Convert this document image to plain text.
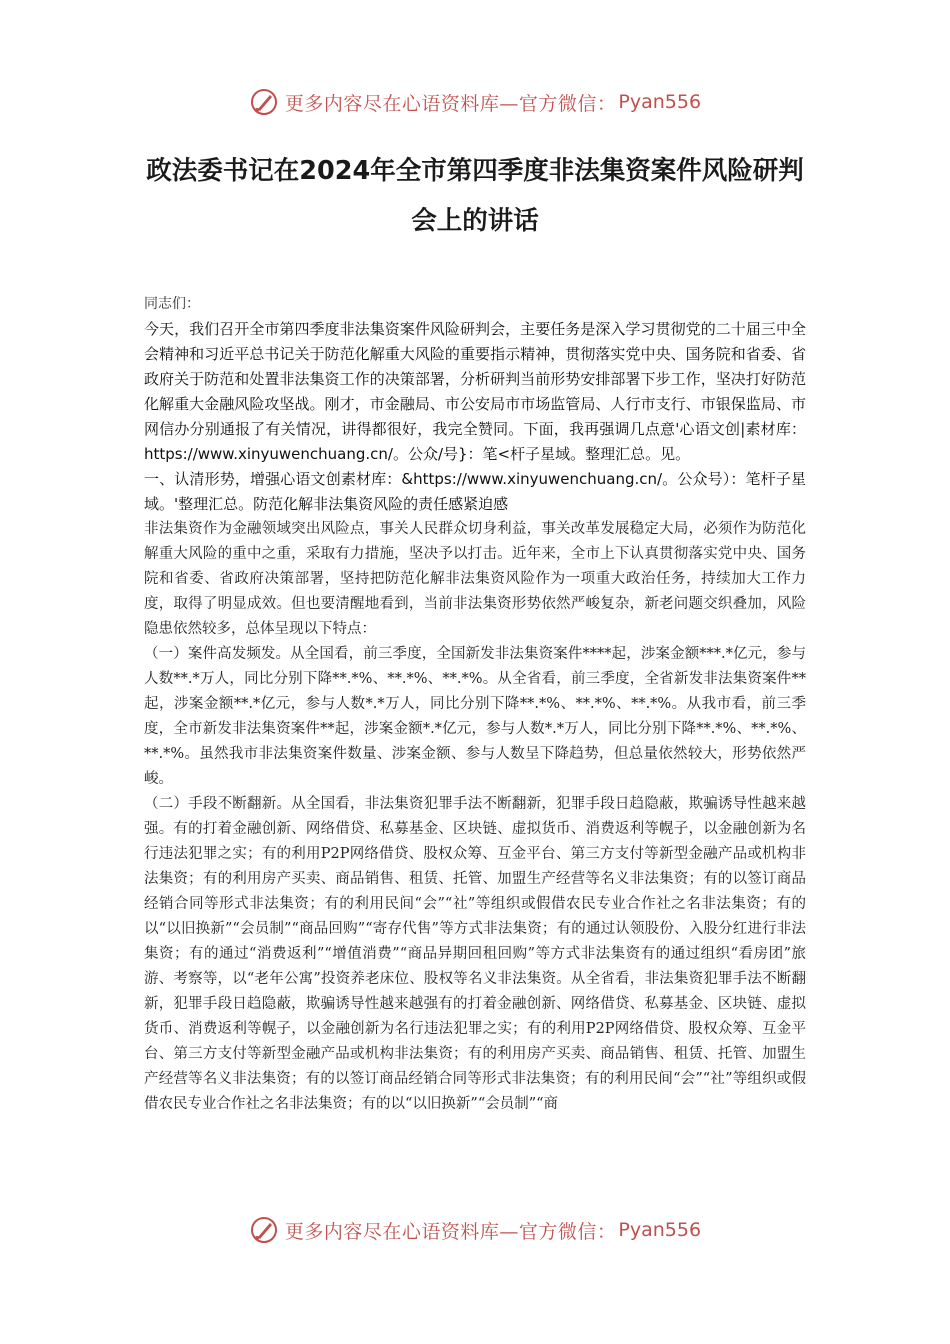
更多内容尽在心语资料库—官方微信： Pyan556
政法委书记在2024年全市第四季度非法集资案件风险研判会上的讲话

同志们：

今天，我们召开全市第四季度非法集资案件风险研判会，主要任务是深入学习贯彻党的二十届三中全会精神和习近平总书记关于防范化解重大风险的重要指示精神，贯彻落实党中央、国务院和省委、省政府关于防范和处置非法集资工作的决策部署，分析研判当前形势安排部署下步工作，坚决打好防范化解重大金融风险攻坚战。刚才，市金融局、市公安局市市场监管局、人行市支行、市银保监局、市网信办分别通报了有关情况，讲得都很好，我完全赞同。下面，我再强调几点意'心语文创|素材库：https://www.xinyuwenchuang.cn/。公众/号}：笔<杆子星域。整理汇总。见。

一、认清形势，增强心语文创素材库：&https://www.xinyuwenchuang.cn/。公众号）：笔杆子星域。'整理汇总。防范化解非法集资风险的责任感紧迫感

非法集资作为金融领域突出风险点，事关人民群众切身利益，事关改革发展稳定大局，必须作为防范化解重大风险的重中之重，采取有力措施，坚决予以打击。近年来，全市上下认真贯彻落实党中央、国务院和省委、省政府决策部署，坚持把防范化解非法集资风险作为一项重大政治任务，持续加大工作力度，取得了明显成效。但也要清醒地看到，当前非法集资形势依然严峻复杂，新老问题交织叠加，风险隐患依然较多，总体呈现以下特点：

（一）案件高发频发。从全国看，前三季度，全国新发非法集资案件****起，涉案金额***.*亿元，参与人数**.*万人，同比分别下降**.*%、**.*%、**.*%。从全省看，前三季度，全省新发非法集资案件**起，涉案金额**.*亿元，参与人数*.*万人，同比分别下降**.*%、**.*%、**.*%。从我市看，前三季度，全市新发非法集资案件**起，涉案金额*.*亿元，参与人数*.*万人，同比分别下降**.*%、**.*%、**.*%。虽然我市非法集资案件数量、涉案金额、参与人数呈下降趋势，但总量依然较大，形势依然严峻。

（二）手段不断翻新。从全国看，非法集资犯罪手法不断翻新，犯罪手段日趋隐蔽，欺骗诱导性越来越强。有的打着金融创新、网络借贷、私募基金、区块链、虚拟货币、消费返利等幌子，以金融创新为名行违法犯罪之实；有的利用P2P网络借贷、股权众筹、互金平台、第三方支付等新型金融产品或机构非法集资；有的利用房产买卖、商品销售、租赁、托管、加盟生产经营等名义非法集资；有的以签订商品经销合同等形式非法集资；有的利用民间“会”“社”等组织或假借农民专业合作社之名非法集资；有的以“以旧换新”“会员制”“商品回购”“寄存代售”等方式非法集资；有的通过认领股份、入股分红进行非法集资；有的通过“消费返利”“增值消费”“商品异期回租回购”等方式非法集资有的通过组织“看房团”旅游、考察等，以“老年公寓”投资养老床位、股权等名义非法集资。从全省看，非法集资犯罪手法不断翻新，犯罪手段日趋隐蔽，欺骗诱导性越来越强有的打着金融创新、网络借贷、私募基金、区块链、虚拟货币、消费返利等幌子，以金融创新为名行违法犯罪之实；有的利用P2P网络借贷、股权众筹、互金平台、第三方支付等新型金融产品或机构非法集资；有的利用房产买卖、商品销售、租赁、托管、加盟生产经营等名义非法集资；有的以签订商品经销合同等形式非法集资；有的利用民间“会”“社”等组织或假借农民专业合作社之名非法集资；有的以“以旧换新”“会员制”“商

更多内容尽在心语资料库—官方微信： Pyan556
